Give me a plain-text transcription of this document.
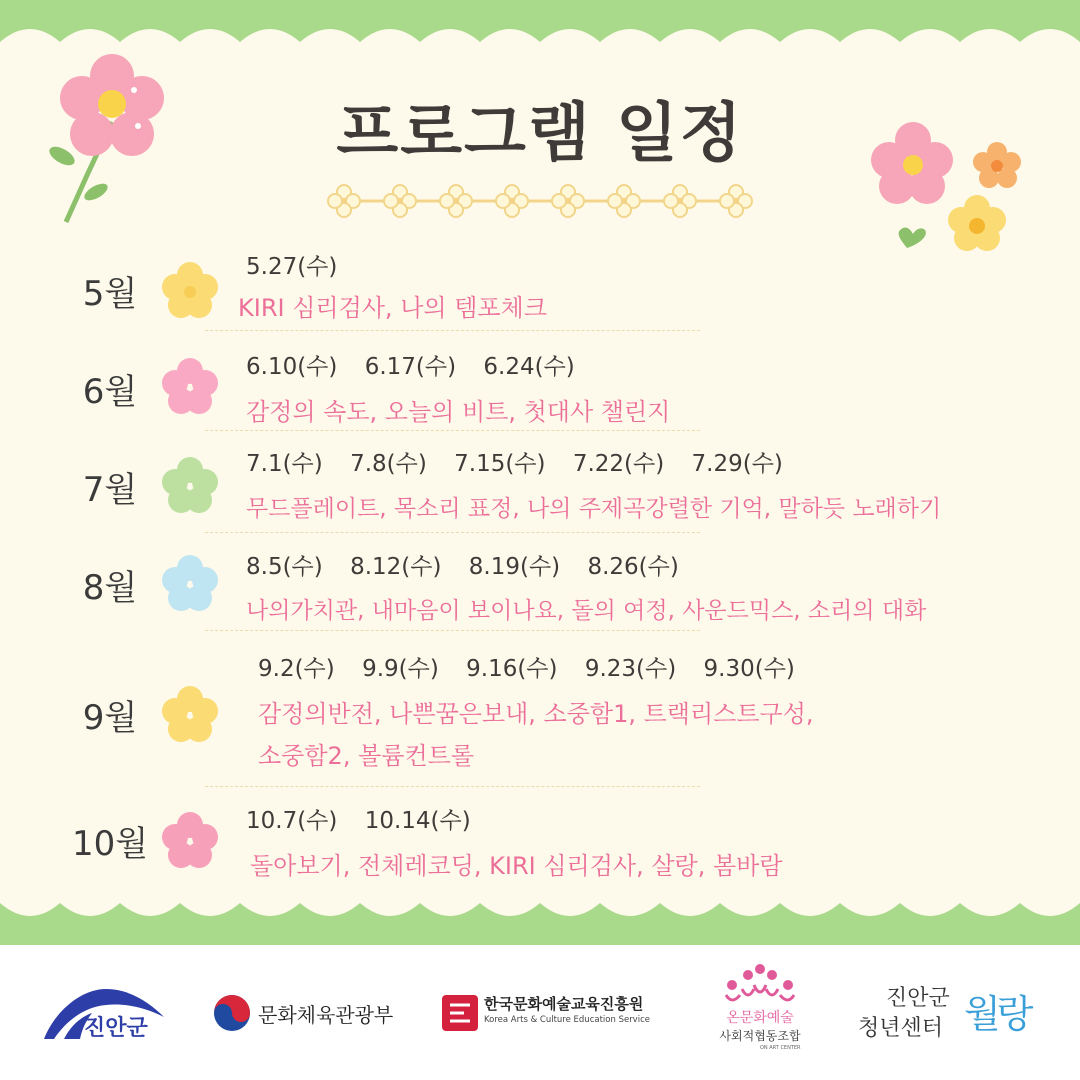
프로그램 일정
5월
5.27(수)
KIRI 심리검사, 나의 템포체크
6월
6.10(수) 6.17(수) 6.24(수)
감정의 속도, 오늘의 비트, 첫대사 챌린지
7월
7.1(수) 7.8(수) 7.15(수) 7.22(수) 7.29(수)
무드플레이트, 목소리 표정, 나의 주제곡강렬한 기억, 말하듯 노래하기
8월
8.5(수) 8.12(수) 8.19(수) 8.26(수)
나의가치관, 내마음이 보이나요, 돌의 여정, 사운드믹스, 소리의 대화
9월
9.2(수) 9.9(수) 9.16(수) 9.23(수) 9.30(수)
감정의반전, 나쁜꿈은보내, 소중함1, 트랙리스트구성,
소중함2, 볼륨컨트롤
10월
10.7(수) 10.14(수)
돌아보기, 전체레코딩, KIRI 심리검사, 살랑, 봄바람
진안군
문화체육관광부	한국문화예술교육진흥원
Korea Arts & Culture Education Service	온문화예술
사회적협동조합
ON ART CENTER
진안군
청년센터 월랑
